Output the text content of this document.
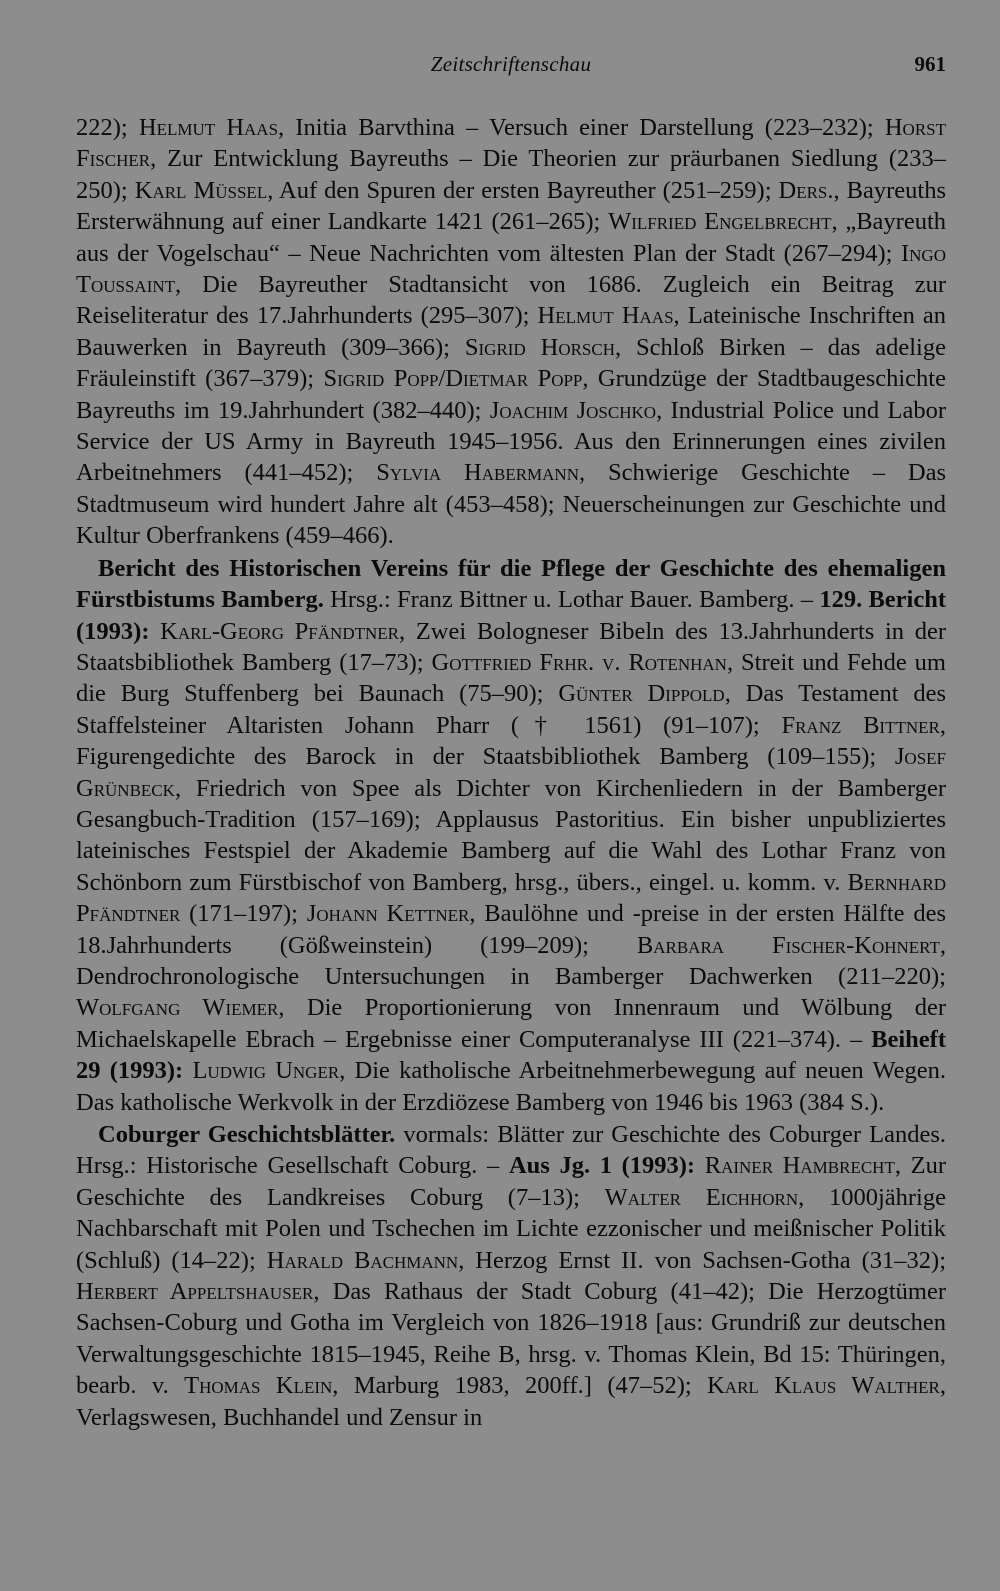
Zeitschriftenschau	961

222); Helmut Haas, Initia Barvthina – Versuch einer Darstellung (223–232); Horst Fischer, Zur Entwicklung Bayreuths – Die Theorien zur präurbanen Siedlung (233–250); Karl Müssel, Auf den Spuren der ersten Bayreuther (251–259); Ders., Bayreuths Ersterwähnung auf einer Landkarte 1421 (261–265); Wilfried Engelbrecht, „Bayreuth aus der Vogelschau“ – Neue Nachrichten vom ältesten Plan der Stadt (267–294); Ingo Toussaint, Die Bayreuther Stadtansicht von 1686. Zugleich ein Beitrag zur Reiseliteratur des 17.Jahrhunderts (295–307); Helmut Haas, Lateinische Inschriften an Bauwerken in Bayreuth (309–366); Sigrid Horsch, Schloß Birken – das adelige Fräuleinstift (367–379); Sigrid Popp/Dietmar Popp, Grundzüge der Stadtbaugeschichte Bayreuths im 19.Jahrhundert (382–440); Joachim Joschko, Industrial Police und Labor Service der US Army in Bayreuth 1945–1956. Aus den Erinnerungen eines zivilen Arbeitnehmers (441–452); Sylvia Habermann, Schwierige Geschichte – Das Stadtmuseum wird hundert Jahre alt (453–458); Neuerscheinungen zur Geschichte und Kultur Oberfrankens (459–466).

Bericht des Historischen Vereins für die Pflege der Geschichte des ehemaligen Fürstbistums Bamberg. Hrsg.: Franz Bittner u. Lothar Bauer. Bamberg. – 129. Bericht (1993): Karl-Georg Pfändtner, Zwei Bologneser Bibeln des 13.Jahrhunderts in der Staatsbibliothek Bamberg (17–73); Gottfried Frhr. v. Rotenhan, Streit und Fehde um die Burg Stuffenberg bei Baunach (75–90); Günter Dippold, Das Testament des Staffelsteiner Altaristen Johann Pharr († 1561) (91–107); Franz Bittner, Figurengedichte des Barock in der Staatsbibliothek Bamberg (109–155); Josef Grünbeck, Friedrich von Spee als Dichter von Kirchenliedern in der Bamberger Gesangbuch-Tradition (157–169); Applausus Pastoritius. Ein bisher unpubliziertes lateinisches Festspiel der Akademie Bamberg auf die Wahl des Lothar Franz von Schönborn zum Fürstbischof von Bamberg, hrsg., übers., eingel. u. komm. v. Bernhard Pfändtner (171–197); Johann Kettner, Baulöhne und -preise in der ersten Hälfte des 18.Jahrhunderts (Gößweinstein) (199–209); Barbara Fischer-Kohnert, Dendrochronologische Untersuchungen in Bamberger Dachwerken (211–220); Wolfgang Wiemer, Die Proportionierung von Innenraum und Wölbung der Michaelskapelle Ebrach – Ergebnisse einer Computeranalyse III (221–374). – Beiheft 29 (1993): Ludwig Unger, Die katholische Arbeitnehmerbewegung auf neuen Wegen. Das katholische Werkvolk in der Erzdiözese Bamberg von 1946 bis 1963 (384 S.).

Coburger Geschichtsblätter. vormals: Blätter zur Geschichte des Coburger Landes. Hrsg.: Historische Gesellschaft Coburg. – Aus Jg. 1 (1993): Rainer Hambrecht, Zur Geschichte des Landkreises Coburg (7–13); Walter Eichhorn, 1000jährige Nachbarschaft mit Polen und Tschechen im Lichte ezzonischer und meißnischer Politik (Schluß) (14–22); Harald Bachmann, Herzog Ernst II. von Sachsen-Gotha (31–32); Herbert Appeltshauser, Das Rathaus der Stadt Coburg (41–42); Die Herzogtümer Sachsen-Coburg und Gotha im Vergleich von 1826–1918 [aus: Grundriß zur deutschen Verwaltungsgeschichte 1815–1945, Reihe B, hrsg. v. Thomas Klein, Bd 15: Thüringen, bearb. v. Thomas Klein, Marburg 1983, 200ff.] (47–52); Karl Klaus Walther, Verlagswesen, Buchhandel und Zensur in
